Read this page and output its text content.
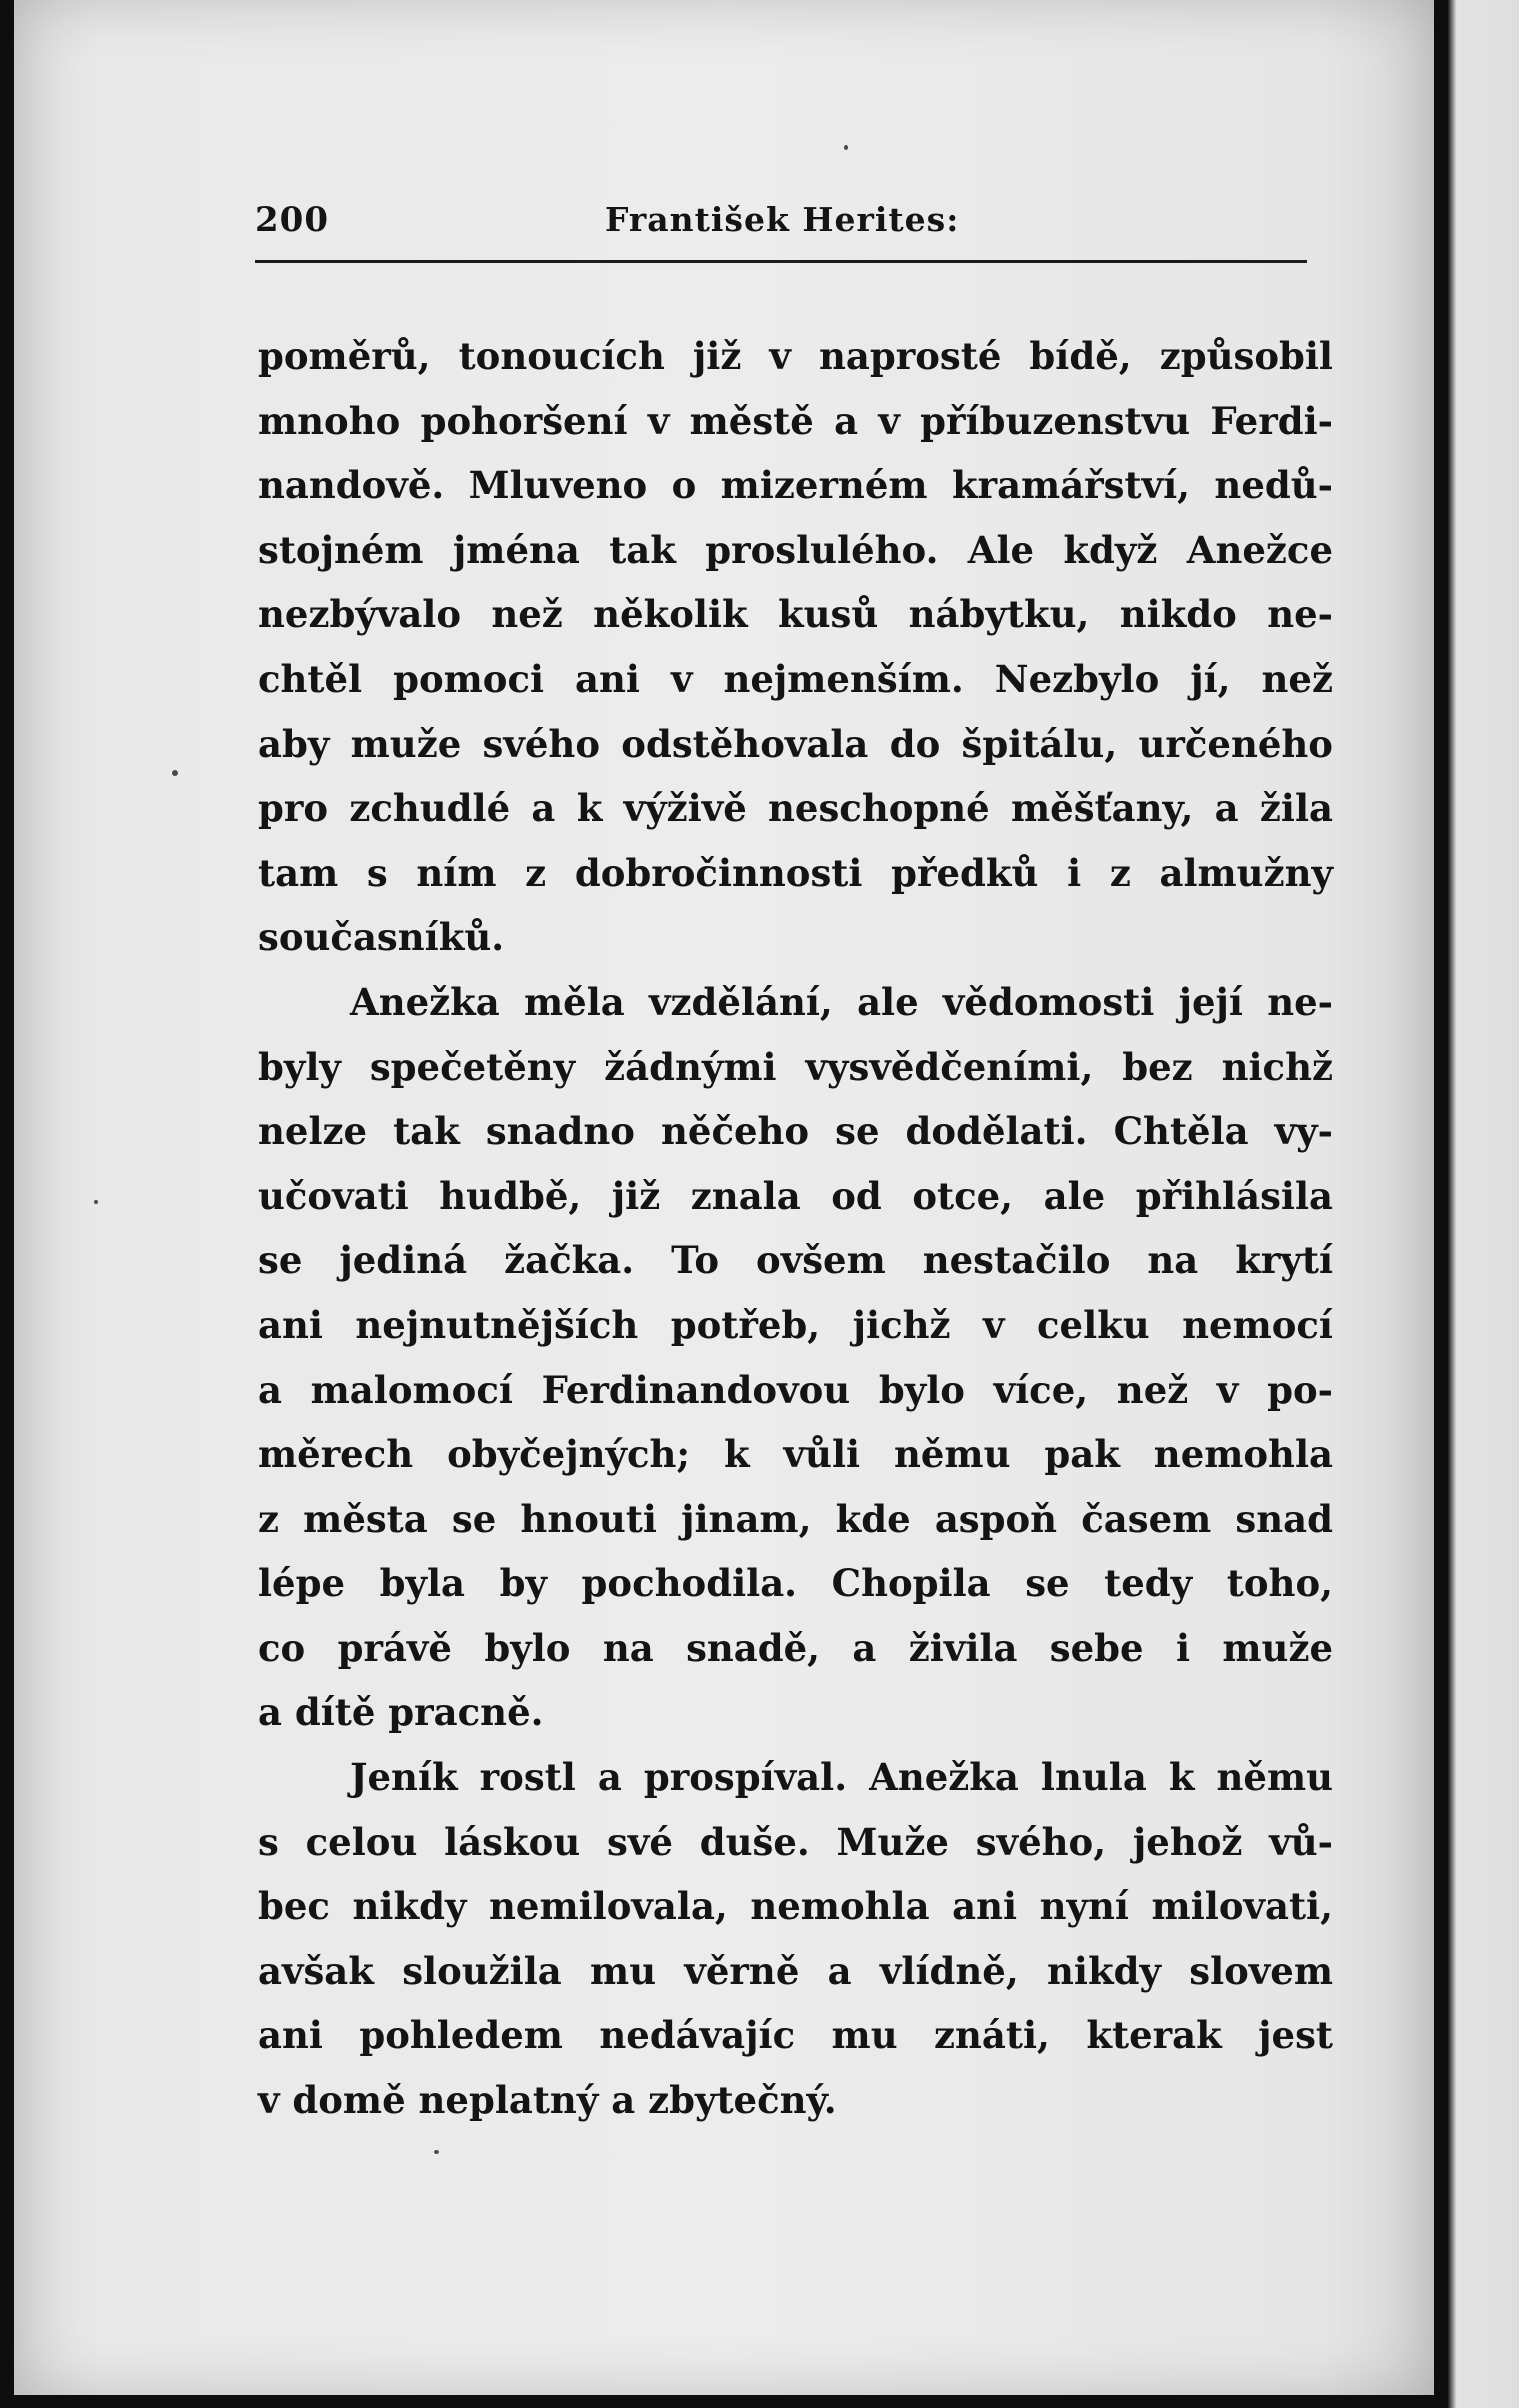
200	František Herites:
poměrů, tonoucích již v naprosté bídě, způsobil
mnoho pohoršení v městě a v příbuzenstvu Ferdi-
nandově. Mluveno o mizerném kramářství, nedů-
stojném jména tak proslulého. Ale když Anežce
nezbývalo než několik kusů nábytku, nikdo ne-
chtěl pomoci ani v nejmenším. Nezbylo jí, než
aby muže svého odstěhovala do špitálu, určeného
pro zchudlé a k výživě neschopné měšťany, a žila
tam s ním z dobročinnosti předků i z almužny
současníků.
Anežka měla vzdělání, ale vědomosti její ne-
byly spečetěny žádnými vysvědčeními, bez nichž
nelze tak snadno něčeho se dodělati. Chtěla vy-
učovati hudbě, již znala od otce, ale přihlásila
se jediná žačka. To ovšem nestačilo na krytí
ani nejnutnějších potřeb, jichž v celku nemocí
a malomocí Ferdinandovou bylo více, než v po-
měrech obyčejných; k vůli němu pak nemohla
z města se hnouti jinam, kde aspoň časem snad
lépe byla by pochodila. Chopila se tedy toho,
co právě bylo na snadě, a živila sebe i muže
a dítě pracně.
Jeník rostl a prospíval. Anežka lnula k němu
s celou láskou své duše. Muže svého, jehož vů-
bec nikdy nemilovala, nemohla ani nyní milovati,
avšak sloužila mu věrně a vlídně, nikdy slovem
ani pohledem nedávajíc mu znáti, kterak jest
v domě neplatný a zbytečný.
